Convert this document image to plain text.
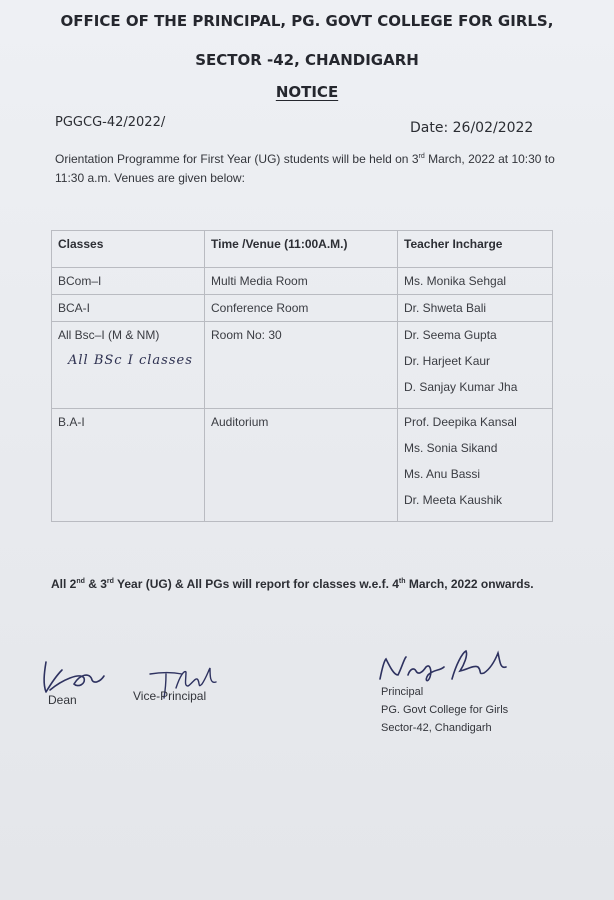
OFFICE OF THE PRINCIPAL, PG. GOVT COLLEGE FOR GIRLS,
SECTOR -42, CHANDIGARH
NOTICE
PGGCG-42/2022/	Date: 26/02/2022
Orientation Programme for First Year (UG) students will be held on 3rd March, 2022 at 10:30 to 11:30 a.m. Venues are given below:
Classes	Time /Venue (11:00A.M.)	Teacher Incharge
BCom–I	Multi Media Room	Ms. Monika Sehgal
BCA-I	Conference Room	Dr. Shweta Bali
All Bsc–I (M & NM)
All BSc I classes	Room No: 30	Dr. Seema Gupta
Dr. Harjeet Kaur
D. Sanjay Kumar Jha

B.A-I	Auditorium	Prof. Deepika Kansal
Ms. Sonia Sikand
Ms. Anu Bassi
Dr. Meeta Kaushik
All 2nd & 3rd Year (UG) & All PGs will report for classes w.e.f. 4th March, 2022 onwards.
Dean	Vice-Principal	Principal
PG. Govt College for Girls
Sector-42, Chandigarh
